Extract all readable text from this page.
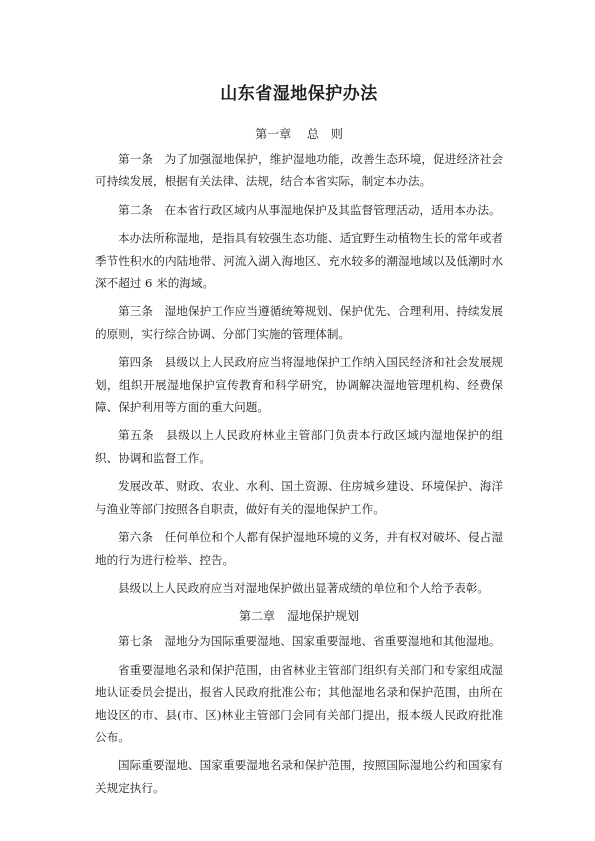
山东省湿地保护办法
第一章　 总　则

第一条　为了加强湿地保护，维护湿地功能，改善生态环境，促进经济社会可持续发展，根据有关法律、法规，结合本省实际，制定本办法。

第二条　在本省行政区域内从事湿地保护及其监督管理活动，适用本办法。

本办法所称湿地，是指具有较强生态功能、适宜野生动植物生长的常年或者季节性积水的内陆地带、河流入湖入海地区、充水较多的潮湿地域以及低潮时水深不超过 6 米的海域。

第三条　湿地保护工作应当遵循统筹规划、保护优先、合理利用、持续发展的原则，实行综合协调、分部门实施的管理体制。

第四条　县级以上人民政府应当将湿地保护工作纳入国民经济和社会发展规划，组织开展湿地保护宣传教育和科学研究，协调解决湿地管理机构、经费保障、保护利用等方面的重大问题。

第五条　县级以上人民政府林业主管部门负责本行政区域内湿地保护的组织、协调和监督工作。

发展改革、财政、农业、水利、国土资源、住房城乡建设、环境保护、海洋与渔业等部门按照各自职责，做好有关的湿地保护工作。

第六条　任何单位和个人都有保护湿地环境的义务，并有权对破坏、侵占湿地的行为进行检举、控告。

县级以上人民政府应当对湿地保护做出显著成绩的单位和个人给予表彰。

第二章　湿地保护规划

第七条　湿地分为国际重要湿地、国家重要湿地、省重要湿地和其他湿地。

省重要湿地名录和保护范围，由省林业主管部门组织有关部门和专家组成湿地认证委员会提出，报省人民政府批准公布；其他湿地名录和保护范围，由所在地设区的市、县(市、区)林业主管部门会同有关部门提出，报本级人民政府批准公布。

国际重要湿地、国家重要湿地名录和保护范围，按照国际湿地公约和国家有关规定执行。
